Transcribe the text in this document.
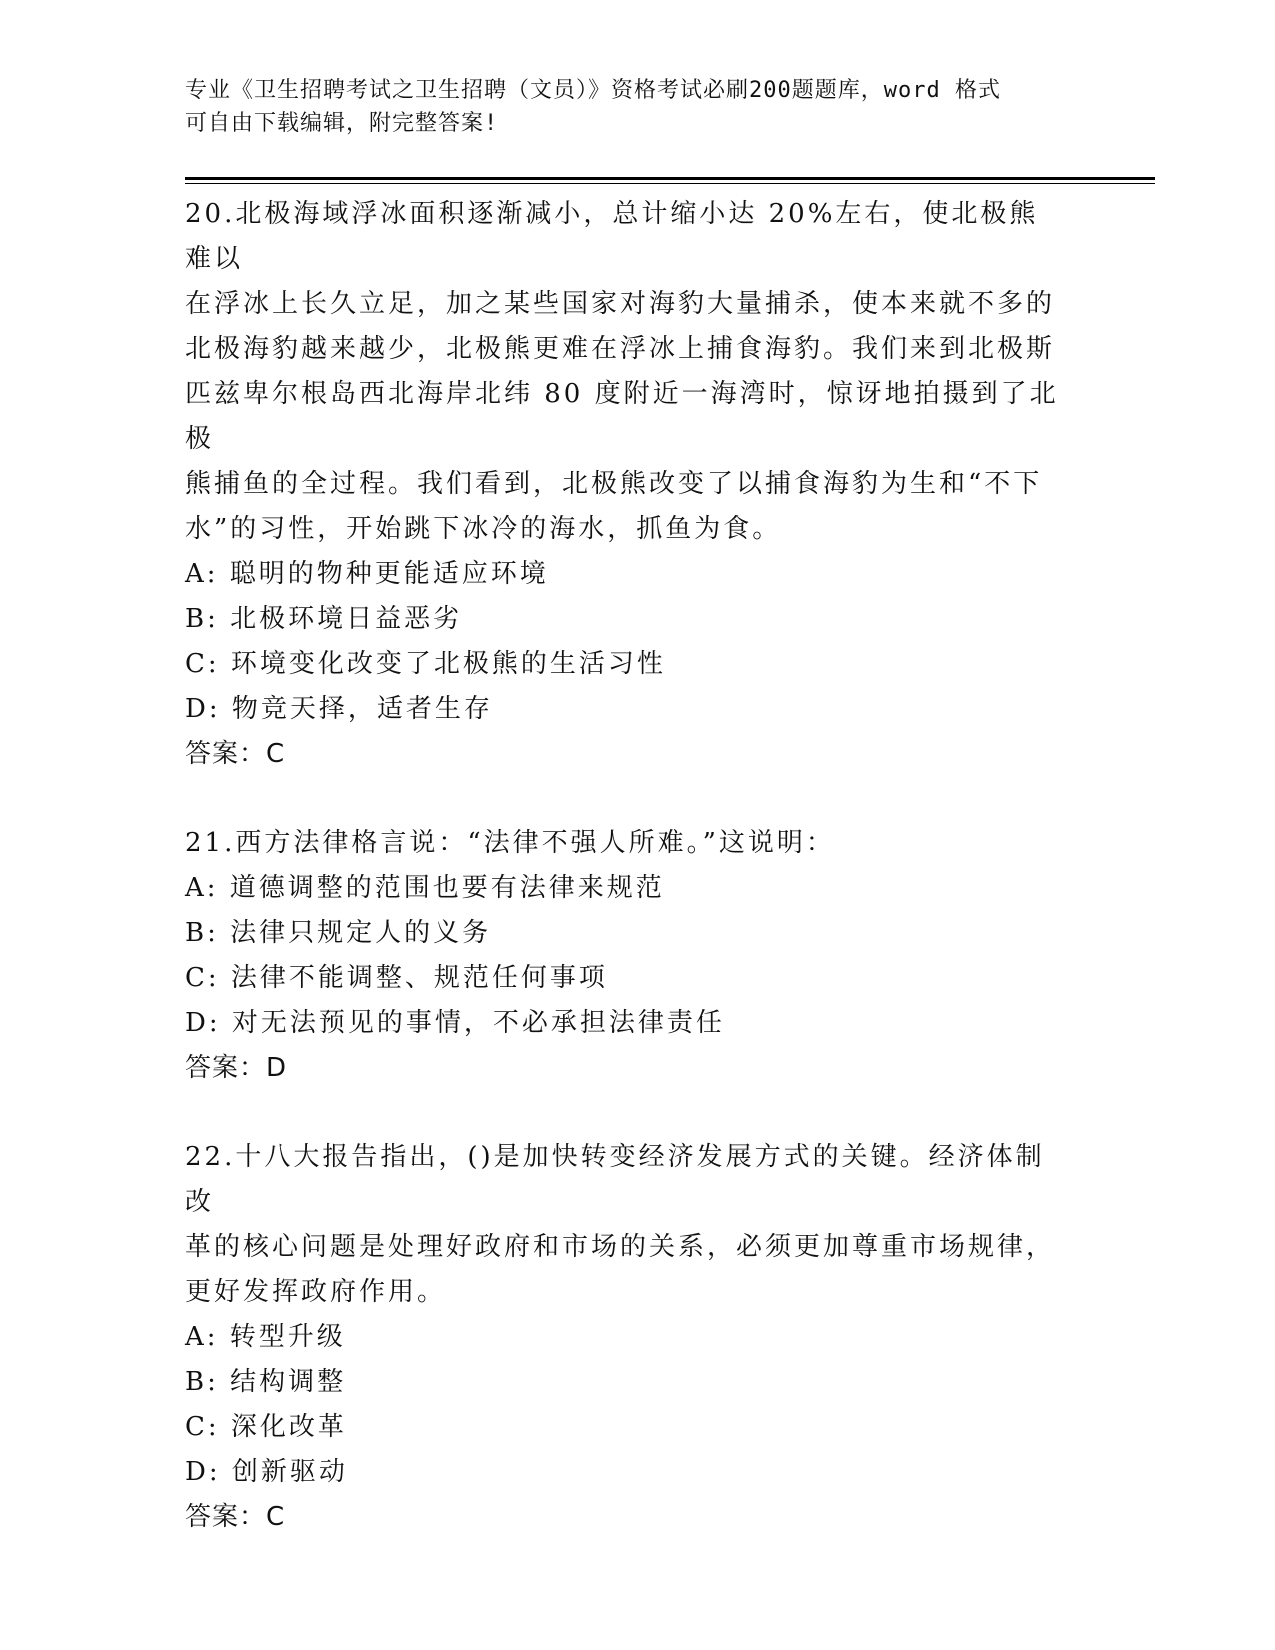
专业《卫生招聘考试之卫生招聘（文员）》资格考试必刷200题题库，word 格式
可自由下载编辑，附完整答案!
20.北极海域浮冰面积逐渐减小，总计缩小达 20%左右，使北极熊难以
在浮冰上长久立足，加之某些国家对海豹大量捕杀，使本来就不多的
北极海豹越来越少，北极熊更难在浮冰上捕食海豹。我们来到北极斯
匹兹卑尔根岛西北海岸北纬 80 度附近一海湾时，惊讶地拍摄到了北极
熊捕鱼的全过程。我们看到，北极熊改变了以捕食海豹为生和“不下
水”的习性，开始跳下冰冷的海水，抓鱼为食。
A: 聪明的物种更能适应环境
B: 北极环境日益恶劣
C: 环境变化改变了北极熊的生活习性
D: 物竞天择，适者生存
答案：C
21.西方法律格言说：“法律不强人所难。”这说明：
A: 道德调整的范围也要有法律来规范
B: 法律只规定人的义务
C: 法律不能调整、规范任何事项
D: 对无法预见的事情，不必承担法律责任
答案：D
22.十八大报告指出，()是加快转变经济发展方式的关键。经济体制改
革的核心问题是处理好政府和市场的关系，必须更加尊重市场规律，
更好发挥政府作用。
A: 转型升级
B: 结构调整
C: 深化改革
D: 创新驱动
答案：C
